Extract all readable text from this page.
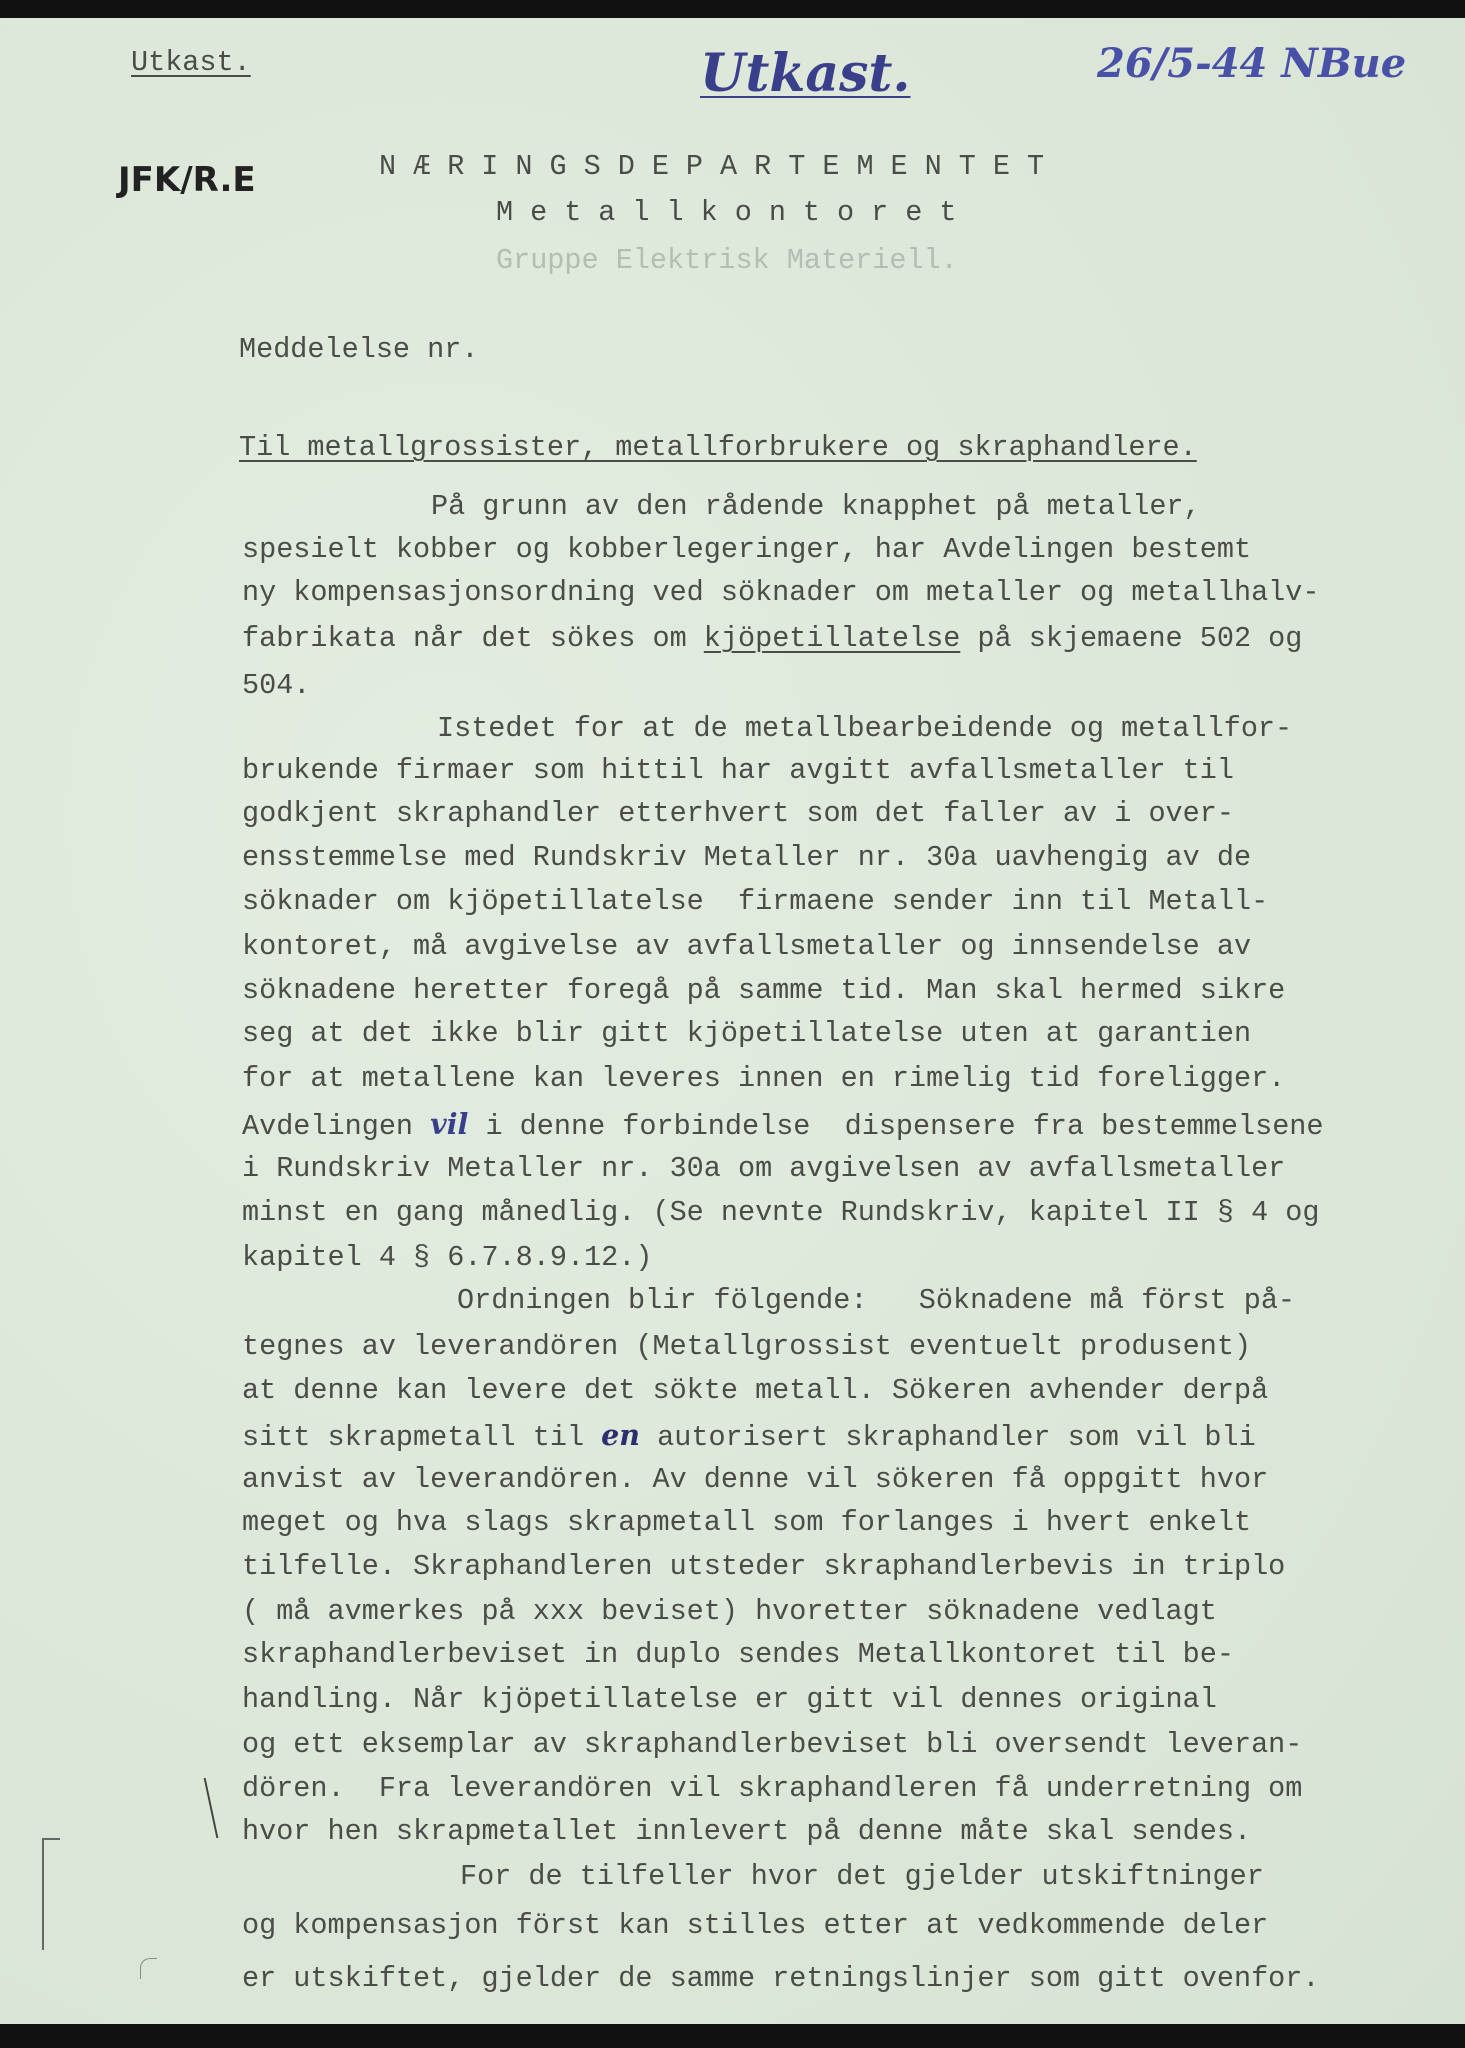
Utkast.	Utkast.	26/5-44 NBue
JFK/R.E	NÆRINGSDEPARTEMENTET
Metallkontoret
Gruppe Elektrisk Materiell.
Meddelelse nr.
Til metallgrossister, metallforbrukere og skraphandlere.
På grunn av den rådende knapphet på metaller,
spesielt kobber og kobberlegeringer, har Avdelingen bestemt
ny kompensasjonsordning ved söknader om metaller og metallhalv-
fabrikata når det sökes om kjöpetillatelse på skjemaene 502 og
504.
Istedet for at de metallbearbeidende og metallfor-
brukende firmaer som hittil har avgitt avfallsmetaller til
godkjent skraphandler etterhvert som det faller av i over-
ensstemmelse med Rundskriv Metaller nr. 30a uavhengig av de
söknader om kjöpetillatelse  firmaene sender inn til Metall-
kontoret, må avgivelse av avfallsmetaller og innsendelse av
söknadene heretter foregå på samme tid. Man skal hermed sikre
seg at det ikke blir gitt kjöpetillatelse uten at garantien
for at metallene kan leveres innen en rimelig tid foreligger.
Avdelingen vil i denne forbindelse  dispensere fra bestemmelsene
i Rundskriv Metaller nr. 30a om avgivelsen av avfallsmetaller
minst en gang månedlig. (Se nevnte Rundskriv, kapitel II § 4 og
kapitel 4 § 6.7.8.9.12.)
Ordningen blir fölgende:   Söknadene må först på-
tegnes av leverandören (Metallgrossist eventuelt produsent)
at denne kan levere det sökte metall. Sökeren avhender derpå
sitt skrapmetall til en autorisert skraphandler som vil bli
anvist av leverandören. Av denne vil sökeren få oppgitt hvor
meget og hva slags skrapmetall som forlanges i hvert enkelt
tilfelle. Skraphandleren utsteder skraphandlerbevis in triplo
( må avmerkes på xxx beviset) hvoretter söknadene vedlagt
skraphandlerbeviset in duplo sendes Metallkontoret til be-
handling. Når kjöpetillatelse er gitt vil dennes original
og ett eksemplar av skraphandlerbeviset bli oversendt leveran-
dören.  Fra leverandören vil skraphandleren få underretning om
hvor hen skrapmetallet innlevert på denne måte skal sendes.
For de tilfeller hvor det gjelder utskiftninger
og kompensasjon först kan stilles etter at vedkommende deler
er utskiftet, gjelder de samme retningslinjer som gitt ovenfor.
